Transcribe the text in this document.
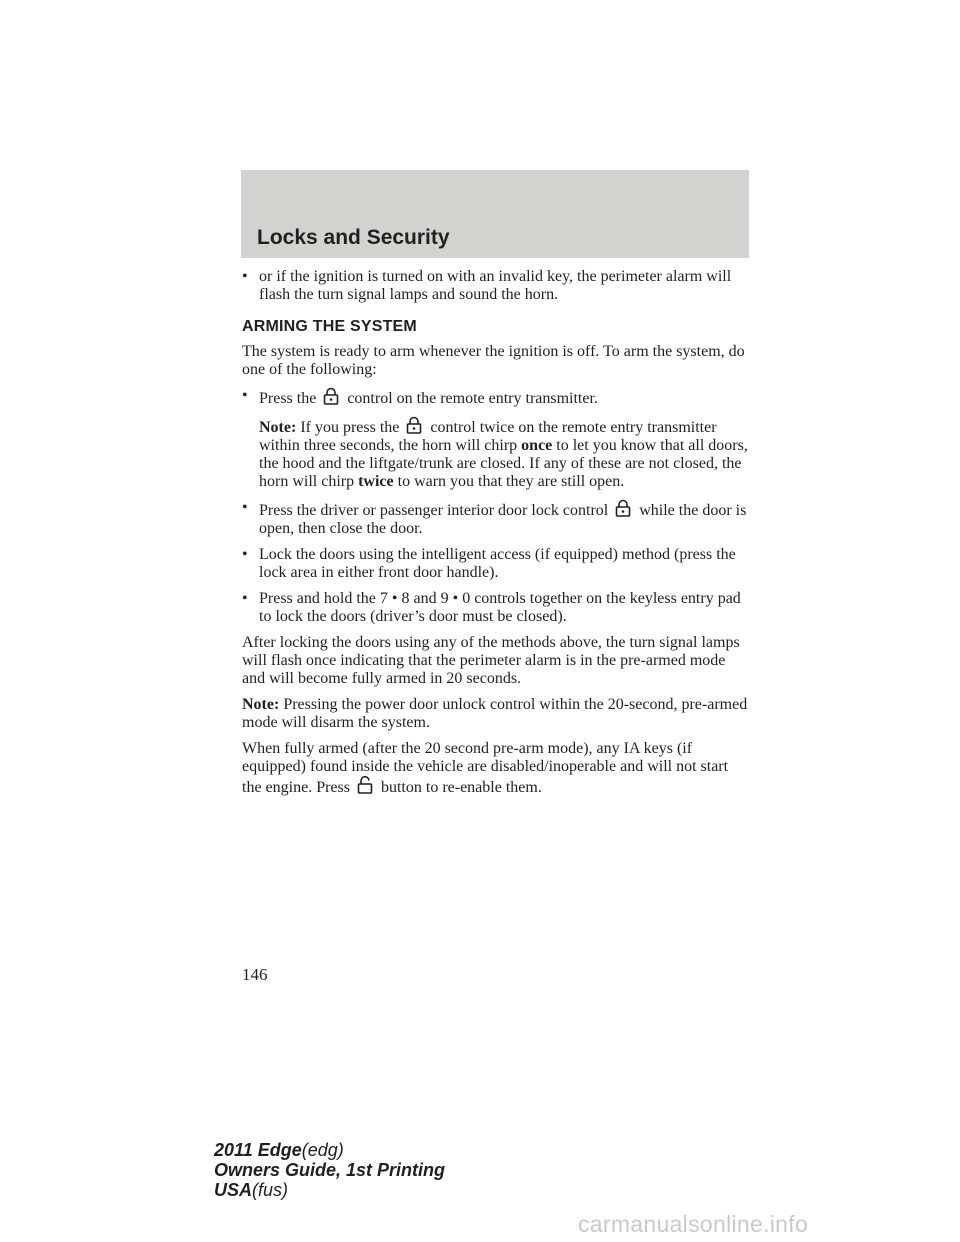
Locks and Security
• or if the ignition is turned on with an invalid key, the perimeter alarm will flash the turn signal lamps and sound the horn.
ARMING THE SYSTEM

The system is ready to arm whenever the ignition is off. To arm the system, do one of the following:

• Press the control on the remote entry transmitter.
Note: If you press the control twice on the remote entry transmitter within three seconds, the horn will chirp once to let you know that all doors, the hood and the liftgate/trunk are closed. If any of these are not closed, the horn will chirp twice to warn you that they are still open.
• Press the driver or passenger interior door lock control while the door is open, then close the door.
• Lock the doors using the intelligent access (if equipped) method (press the lock area in either front door handle).
• Press and hold the 7 • 8 and 9 • 0 controls together on the keyless entry pad to lock the doors (driver’s door must be closed).

After locking the doors using any of the methods above, the turn signal lamps will flash once indicating that the perimeter alarm is in the pre-armed mode and will become fully armed in 20 seconds.

Note: Pressing the power door unlock control within the 20-second, pre-armed mode will disarm the system.

When fully armed (after the 20 second pre-arm mode), any IA keys (if equipped) found inside the vehicle are disabled/inoperable and will not start the engine. Press button to re-enable them.

146
2011 Edge(edg)
Owners Guide, 1st Printing
USA(fus)
carmanualsonline.info
